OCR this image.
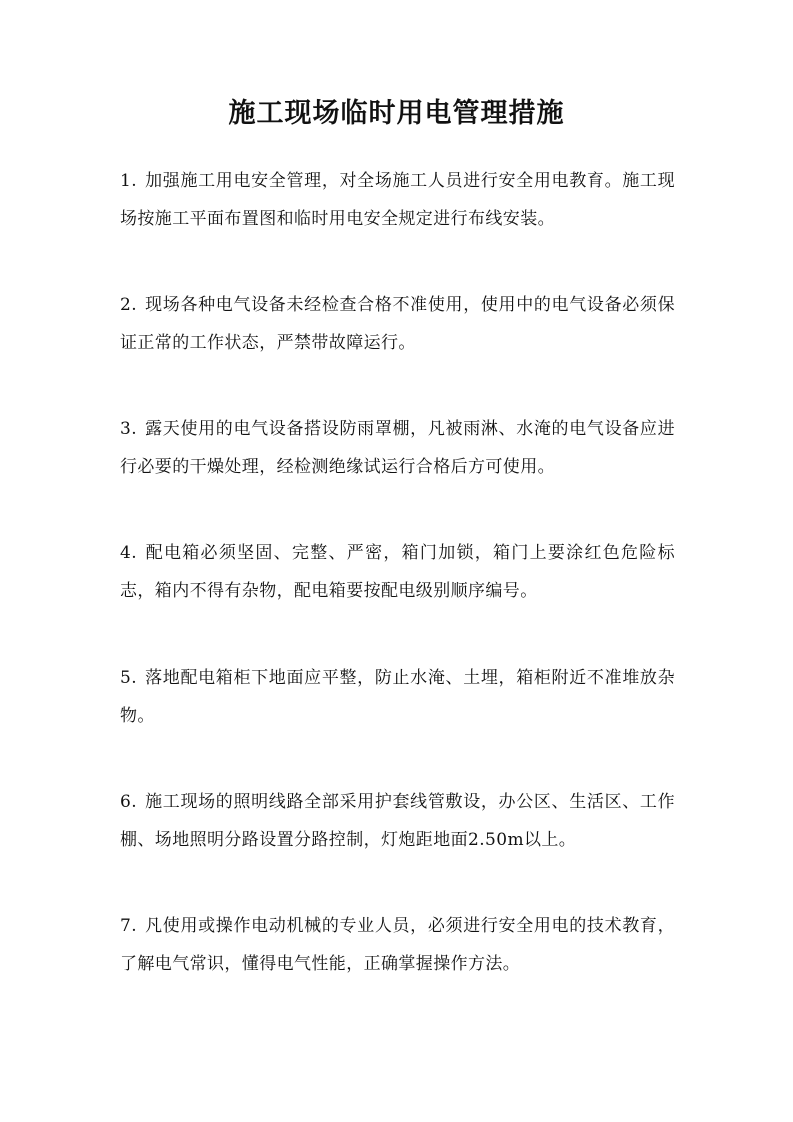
施工现场临时用电管理措施

1. 加强施工用电安全管理，对全场施工人员进行安全用电教育。施工现场按施工平面布置图和临时用电安全规定进行布线安装。

2. 现场各种电气设备未经检查合格不准使用，使用中的电气设备必须保证正常的工作状态，严禁带故障运行。

3. 露天使用的电气设备搭设防雨罩棚，凡被雨淋、水淹的电气设备应进行必要的干燥处理，经检测绝缘试运行合格后方可使用。

4. 配电箱必须坚固、完整、严密，箱门加锁，箱门上要涂红色危险标志，箱内不得有杂物，配电箱要按配电级别顺序编号。

5. 落地配电箱柜下地面应平整，防止水淹、土埋，箱柜附近不准堆放杂物。

6. 施工现场的照明线路全部采用护套线管敷设，办公区、生活区、工作棚、场地照明分路设置分路控制，灯炮距地面2.50m以上。

7. 凡使用或操作电动机械的专业人员，必须进行安全用电的技术教育，了解电气常识，懂得电气性能，正确掌握操作方法。
